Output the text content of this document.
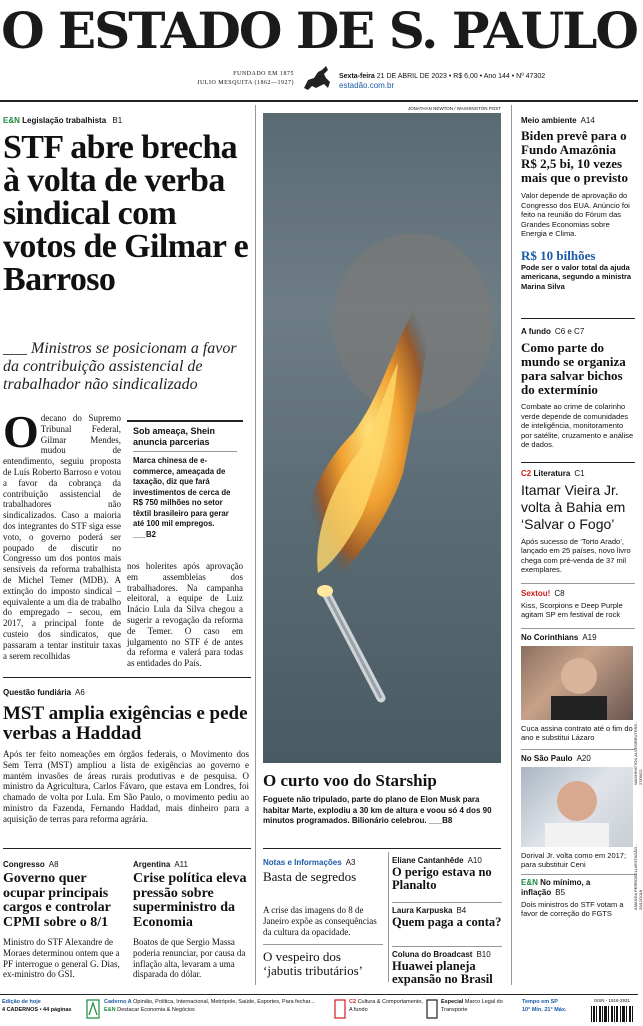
O ESTADO DE S. PAULO
FUNDADO EM 1875
JULIO MESQUITA (1862—1927)
Sexta-feira 21 DE ABRIL DE 2023 • R$ 6,00 • Ano 144 • Nº 47302
estadão.com.br
E&N Legislação trabalhista B1
STF abre brecha à volta de verba sindical com votos de Gilmar e Barroso
___ Ministros se posicionam a favor da contribuição assistencial de trabalhador não sindicalizado
Odecano do Supremo Tribunal Federal, Gilmar Mendes, mudou de entendimento, seguiu proposta de Luís Roberto Barroso e votou a favor da cobrança da contribuição assistencial de trabalhadores não sindicalizados. Caso a maioria dos integrantes do STF siga esse voto, o governo poderá ser poupado de discutir no Congresso um dos pontos mais sensíveis da reforma trabalhista de Michel Temer (MDB). A extinção do imposto sindical – equivalente a um dia de trabalho do empregado – secou, em 2017, a principal fonte de custeio dos sindicatos, que passaram a tentar instituir taxas a serem recolhidas
Sob ameaça, Shein anuncia parcerias
Marca chinesa de e-commerce, ameaçada de taxação, diz que fará investimentos de cerca de R$ 750 milhões no setor têxtil brasileiro para gerar até 100 mil empregos. ___B2
nos holerites após aprovação em assembleias dos trabalhadores. Na campanha eleitoral, a equipe de Luiz Inácio Lula da Silva chegou a sugerir a revogação da reforma de Temer. O caso em julgamento no STF é de antes da reforma e valerá para todas as entidades do País.
Questão fundiária A6
MST amplia exigências e pede verbas a Haddad
Após ter feito nomeações em órgãos federais, o Movimento dos Sem Terra (MST) ampliou a lista de exigências ao governo e mantém invasões de áreas rurais produtivas e de pesquisa. O ministro da Agricultura, Carlos Fávaro, que estava em Londres, foi chamado de volta por Lula. Em São Paulo, o movimento pediu ao ministro da Fazenda, Fernando Haddad, mais dinheiro para a aquisição de terras para reforma agrária.
Congresso A8
Governo quer ocupar principais cargos e controlar CPMI sobre o 8/1
Ministro do STF Alexandre de Moraes determinou ontem que a PF interrogue o general G. Dias, ex-ministro do GSI.
Argentina A11
Crise política eleva pressão sobre superministro da Economia
Boatos de que Sergio Massa poderia renunciar, por causa da inflação alta, levaram a uma disparada do dólar.
JONATHAN NEWTON / WASHINGTON POST
O curto voo do Starship
Foguete não tripulado, parte do plano de Elon Musk para habitar Marte, explodiu a 30 km de altura e voou só 4 dos 90 minutos programados. Bilionário celebrou. ___B8
Notas e Informações A3
Basta de segredos
A crise das imagens do 8 de Janeiro expõe as consequências da cultura da opacidade.
O vespeiro dos ‘jabutis tributários’
Eliane Cantanhêde A10
O perigo estava no Planalto
Laura Karpuska B4
Quem paga a conta?
Coluna do Broadcast B10
Huawei planeja expansão no Brasil
Meio ambiente A14
Biden prevê para o Fundo Amazônia R$ 2,5 bi, 10 vezes mais que o previsto
Valor depende de aprovação do Congresso dos EUA. Anúncio foi feito na reunião do Fórum das Grandes Economias sobre Energia e Clima.
R$ 10 bilhões
Pode ser o valor total da ajuda americana, segundo a ministra Marina Silva
A fundo C6 e C7
Como parte do mundo se organiza para salvar bichos do extermínio
Combate ao crime de colarinho verde depende de comunidades de inteligência, monitoramento por satélite, cruzamento e análise de dados.
C2 Literatura C1
Itamar Vieira Jr. volta à Bahia em ‘Salvar o Fogo’
Após sucesso de ‘Torto Arado’, lançado em 25 países, novo livro chega com pré-venda de 37 mil exemplares.
Sextou! C8
Kiss, Scorpions e Deep Purple agitam SP em festival de rock
No Corinthians A19
Cuca assina contrato até o fim do ano e substitui Lázaro
No São Paulo A20
Dorival Jr. volta como em 2017; para substituir Ceni
E&N No mínimo, a inflação B5
Dois ministros do STF votam a favor de correção do FGTS
WASHINGTON ALVES/REUTERS - 27/09/22
AMANDA PERROBELLI/ESTADÃO - 20/12/2018
Edição de hoje
4 CADERNOS • 44 páginas
Caderno A Opinião, Política, Internacional, Metrópole, Saúde, Esportes, Para fechar...
E&N Destacar Economia & Negócios
C2 Cultura & Comportamento, A fundo
Especial Marco Legal do Transporte
Tempo em SP
10° Mín. 21° Máx.
ISSN - 1516-2931
